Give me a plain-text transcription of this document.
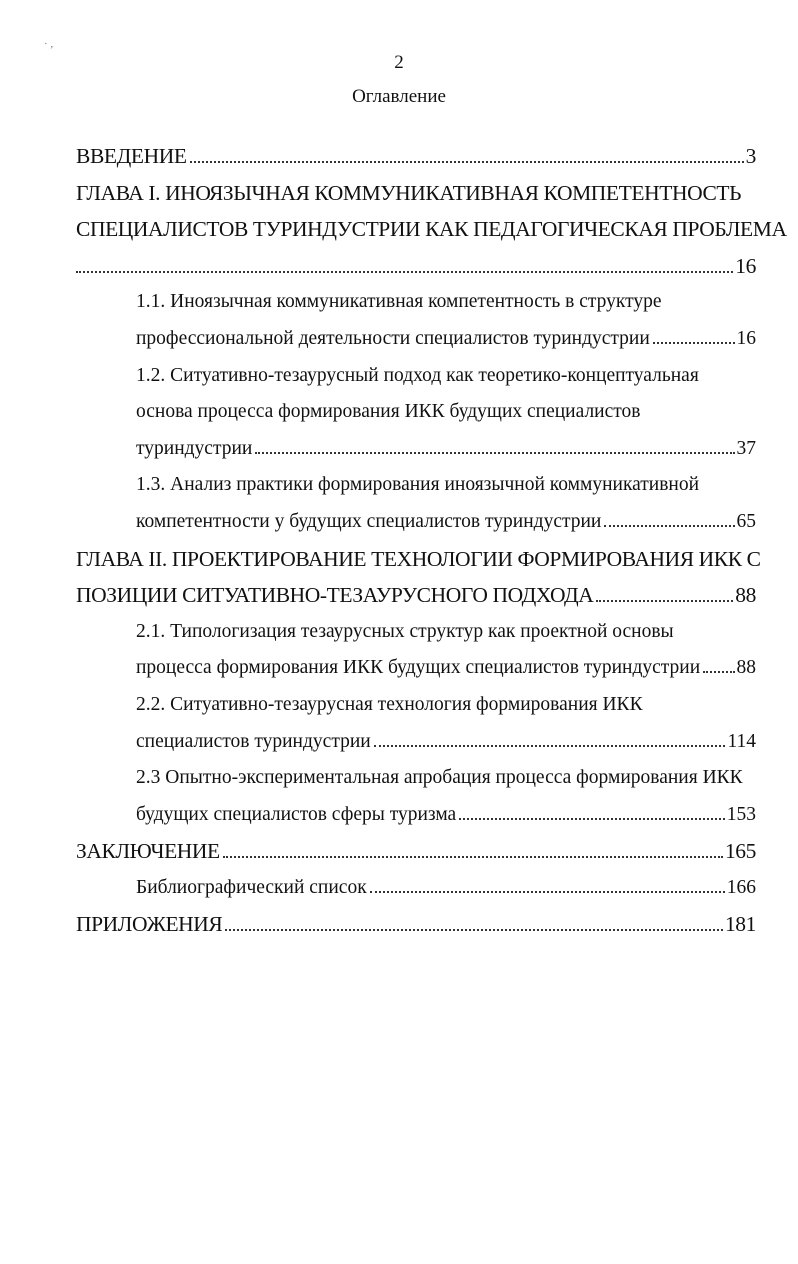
· ,
2
Оглавление
ВВЕДЕНИЕ	3
ГЛАВА I. ИНОЯЗЫЧНАЯ КОММУНИКАТИВНАЯ КОМПЕТЕНТНОСТЬ
СПЕЦИАЛИСТОВ ТУРИНДУСТРИИ КАК ПЕДАГОГИЧЕСКАЯ ПРОБЛЕМА
16
1.1. Иноязычная коммуникативная компетентность в структуре
профессиональной деятельности специалистов туриндустрии	16
1.2. Ситуативно-тезаурусный подход как теоретико-концептуальная
основа процесса формирования ИКК будущих специалистов
туриндустрии	37
1.3. Анализ практики формирования иноязычной коммуникативной
компетентности у будущих специалистов туриндустрии	65
ГЛАВА II. ПРОЕКТИРОВАНИЕ ТЕХНОЛОГИИ ФОРМИРОВАНИЯ ИКК С
ПОЗИЦИИ СИТУАТИВНО-ТЕЗАУРУСНОГО ПОДХОДА	88
2.1. Типологизация тезаурусных структур как проектной основы
процесса формирования ИКК будущих специалистов туриндустрии 88
2.2. Ситуативно-тезаурусная технология формирования ИКК
специалистов туриндустрии	114
2.3 Опытно-экспериментальная апробация процесса формирования ИКК
будущих специалистов сферы туризма	153
ЗАКЛЮЧЕНИЕ	165
Библиографический список	166
ПРИЛОЖЕНИЯ	181
